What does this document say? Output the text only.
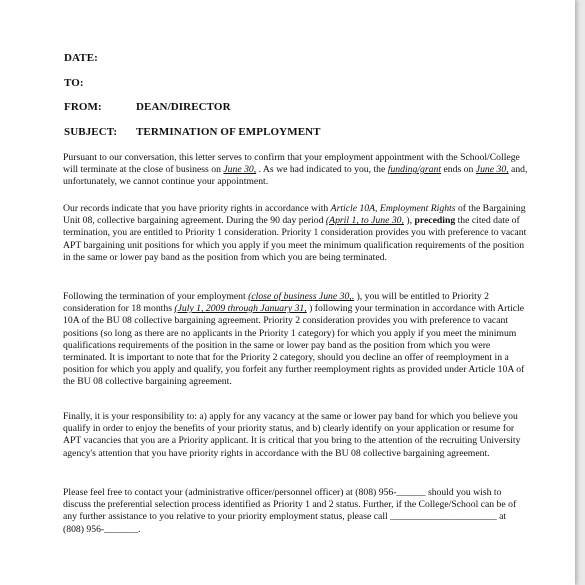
DATE:
TO:
FROM:	DEAN/DIRECTOR
SUBJECT: TERMINATION OF EMPLOYMENT
Pursuant to our conversation, this letter serves to confirm that your employment appointment with the School/College will terminate at the close of business on June 30, . As we had indicated to you, the funding/grant ends on June 30, and, unfortunately, we cannot continue your appointment.
Our records indicate that you have priority rights in accordance with Article 10A, Employment Rights of the Bargaining Unit 08, collective bargaining agreement. During the 90 day period (April 1, to June 30, ), preceding the cited date of termination, you are entitled to Priority 1 consideration. Priority 1 consideration provides you with preference to vacant APT bargaining unit positions for which you apply if you meet the minimum qualification requirements of the position in the same or lower pay band as the position from which you are being terminated.
Following the termination of your employment (close of business June 30,. ), you will be entitled to Priority 2 consideration for 18 months (July 1, 2009 through January 31, ) following your termination in accordance with Article 10A of the BU 08 collective bargaining agreement. Priority 2 consideration provides you with preference to vacant positions (so long as there are no applicants in the Priority 1 category) for which you apply if you meet the minimum qualifications requirements of the position in the same or lower pay band as the position from which you were terminated. It is important to note that for the Priority 2 category, should you decline an offer of reemployment in a position for which you apply and qualify, you forfeit any further reemployment rights as provided under Article 10A of the BU 08 collective bargaining agreement.
Finally, it is your responsibility to: a) apply for any vacancy at the same or lower pay band for which you believe you qualify in order to enjoy the benefits of your priority status, and b) clearly identify on your application or resume for APT vacancies that you are a Priority applicant. It is critical that you bring to the attention of the recruiting University agency's attention that you have priority rights in accordance with the BU 08 collective bargaining agreement.
Please feel free to contact your (administrative officer/personnel officer) at (808) 956-______ should you wish to discuss the preferential selection process identified as Priority 1 and 2 status. Further, if the College/School can be of any further assistance to you relative to your priority employment status, please call ______________________ at (808) 956-_______.
